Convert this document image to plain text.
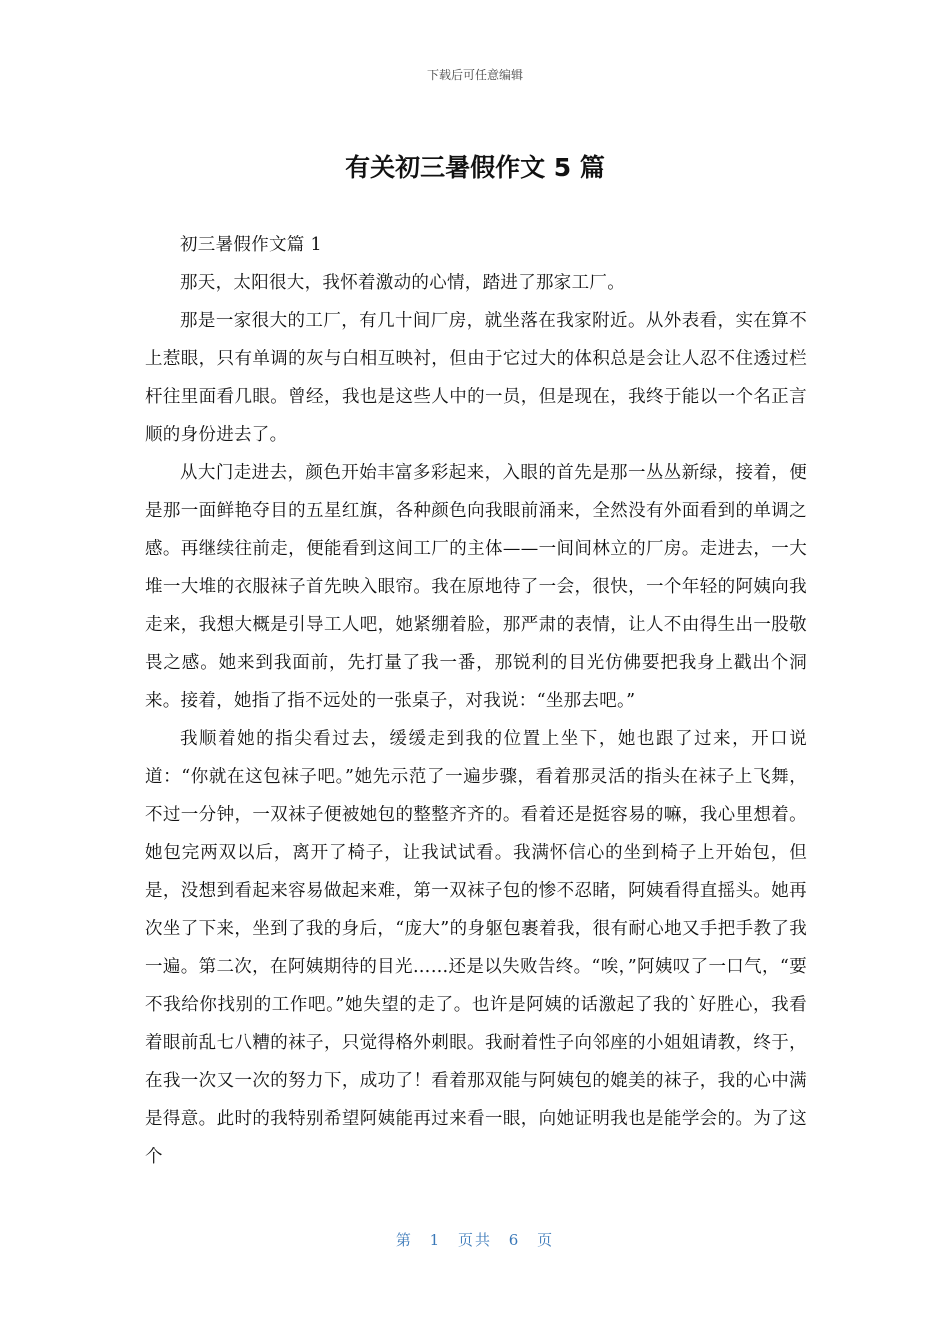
下载后可任意编辑
有关初三暑假作文 5 篇

初三暑假作文篇 1

那天，太阳很大，我怀着激动的心情，踏进了那家工厂。

那是一家很大的工厂，有几十间厂房，就坐落在我家附近。从外表看，实在算不上惹眼，只有单调的灰与白相互映衬，但由于它过大的体积总是会让人忍不住透过栏杆往里面看几眼。曾经，我也是这些人中的一员，但是现在，我终于能以一个名正言顺的身份进去了。

从大门走进去，颜色开始丰富多彩起来，入眼的首先是那一丛丛新绿，接着，便是那一面鲜艳夺目的五星红旗，各种颜色向我眼前涌来，全然没有外面看到的单调之感。再继续往前走，便能看到这间工厂的主体——一间间林立的厂房。走进去，一大堆一大堆的衣服袜子首先映入眼帘。我在原地待了一会，很快，一个年轻的阿姨向我走来，我想大概是引导工人吧，她紧绷着脸，那严肃的表情，让人不由得生出一股敬畏之感。她来到我面前，先打量了我一番，那锐利的目光仿佛要把我身上戳出个洞来。接着，她指了指不远处的一张桌子，对我说：“坐那去吧。”

我顺着她的指尖看过去，缓缓走到我的位置上坐下，她也跟了过来，开口说道：“你就在这包袜子吧。”她先示范了一遍步骤，看着那灵活的指头在袜子上飞舞，不过一分钟，一双袜子便被她包的整整齐齐的。看着还是挺容易的嘛，我心里想着。她包完两双以后，离开了椅子，让我试试看。我满怀信心的坐到椅子上开始包，但是，没想到看起来容易做起来难，第一双袜子包的惨不忍睹，阿姨看得直摇头。她再次坐了下来，坐到了我的身后，“庞大”的身躯包裹着我，很有耐心地又手把手教了我一遍。第二次，在阿姨期待的目光……还是以失败告终。“唉，”阿姨叹了一口气，“要不我给你找别的工作吧。”她失望的走了。也许是阿姨的话激起了我的`好胜心，我看着眼前乱七八糟的袜子，只觉得格外刺眼。我耐着性子向邻座的小姐姐请教，终于，在我一次又一次的努力下，成功了！看着那双能与阿姨包的媲美的袜子，我的心中满是得意。此时的我特别希望阿姨能再过来看一眼，向她证明我也是能学会的。为了这个

第 1 页共 6 页
